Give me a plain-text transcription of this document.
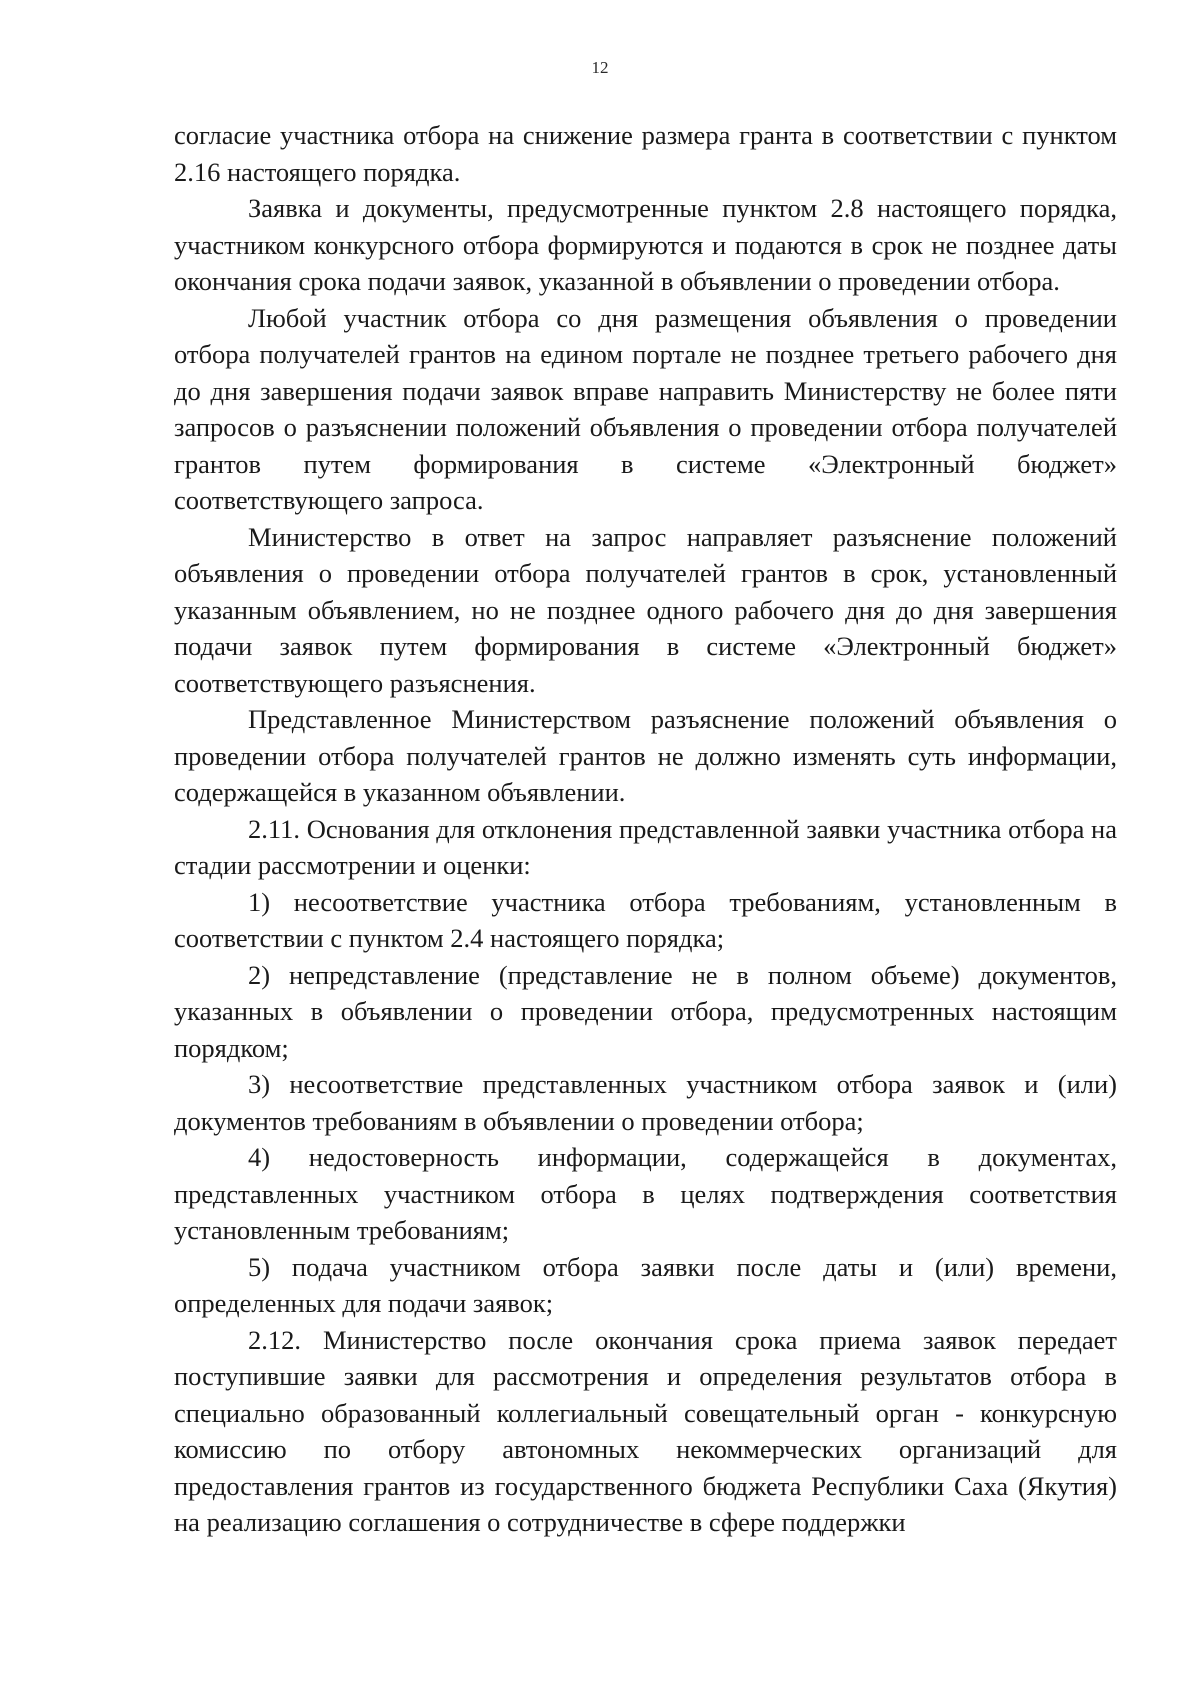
12

согласие участника отбора на снижение размера гранта в соответствии с пунктом 2.16 настоящего порядка.

Заявка и документы, предусмотренные пунктом 2.8 настоящего порядка, участником конкурсного отбора формируются и подаются в срок не позднее даты окончания срока подачи заявок, указанной в объявлении о проведении отбора.

Любой участник отбора со дня размещения объявления о проведении отбора получателей грантов на едином портале не позднее третьего рабочего дня до дня завершения подачи заявок вправе направить Министерству не более пяти запросов о разъяснении положений объявления о проведении отбора получателей грантов путем формирования в системе «Электронный бюджет» соответствующего запроса.

Министерство в ответ на запрос направляет разъяснение положений объявления о проведении отбора получателей грантов в срок, установленный указанным объявлением, но не позднее одного рабочего дня до дня завершения подачи заявок путем формирования в системе «Электронный бюджет» соответствующего разъяснения.

Представленное Министерством разъяснение положений объявления о проведении отбора получателей грантов не должно изменять суть информации, содержащейся в указанном объявлении.

2.11. Основания для отклонения представленной заявки участника отбора на стадии рассмотрении и оценки:

1) несоответствие участника отбора требованиям, установленным в соответствии с пунктом 2.4 настоящего порядка;

2) непредставление (представление не в полном объеме) документов, указанных в объявлении о проведении отбора, предусмотренных настоящим порядком;

3) несоответствие представленных участником отбора заявок и (или) документов требованиям в объявлении о проведении отбора;

4) недостоверность информации, содержащейся в документах, представленных участником отбора в целях подтверждения соответствия установленным требованиям;

5) подача участником отбора заявки после даты и (или) времени, определенных для подачи заявок;

2.12. Министерство после окончания срока приема заявок передает поступившие заявки для рассмотрения и определения результатов отбора в специально образованный коллегиальный совещательный орган - конкурсную комиссию по отбору автономных некоммерческих организаций для предоставления грантов из государственного бюджета Республики Саха (Якутия) на реализацию соглашения о сотрудничестве в сфере поддержки
